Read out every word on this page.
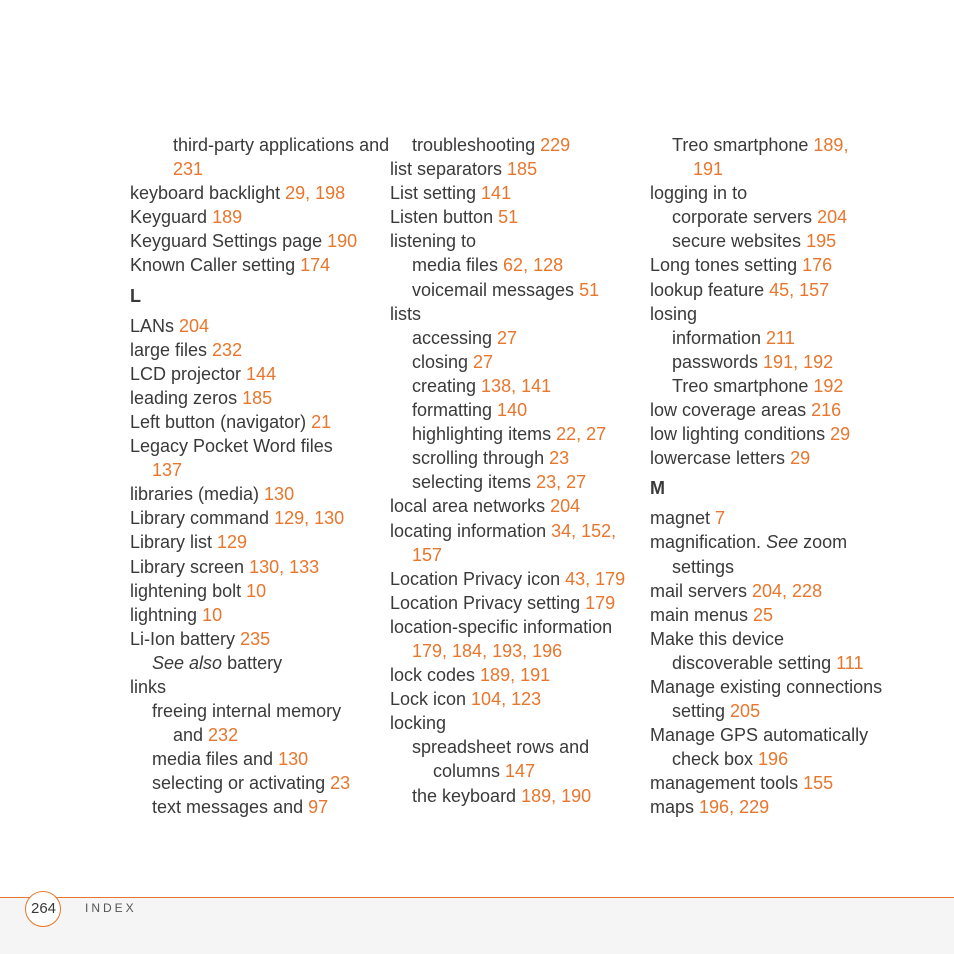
third-party applications and
231
keyboard backlight 29, 198
Keyguard 189
Keyguard Settings page 190
Known Caller setting 174
L
LANs 204
large files 232
LCD projector 144
leading zeros 185
Left button (navigator) 21
Legacy Pocket Word files
137
libraries (media) 130
Library command 129, 130
Library list 129
Library screen 130, 133
lightening bolt 10
lightning 10
Li-Ion battery 235
See also battery
links
freeing internal memory
and 232
media files and 130
selecting or activating 23
text messages and 97
troubleshooting 229
list separators 185
List setting 141
Listen button 51
listening to
media files 62, 128
voicemail messages 51
lists
accessing 27
closing 27
creating 138, 141
formatting 140
highlighting items 22, 27
scrolling through 23
selecting items 23, 27
local area networks 204
locating information 34, 152,
157
Location Privacy icon 43, 179
Location Privacy setting 179
location-specific information
179, 184, 193, 196
lock codes 189, 191
Lock icon 104, 123
locking
spreadsheet rows and
columns 147
the keyboard 189, 190
Treo smartphone 189,
191
logging in to
corporate servers 204
secure websites 195
Long tones setting 176
lookup feature 45, 157
losing
information 211
passwords 191, 192
Treo smartphone 192
low coverage areas 216
low lighting conditions 29
lowercase letters 29
M
magnet 7
magnification. See zoom
settings
mail servers 204, 228
main menus 25
Make this device
discoverable setting 111
Manage existing connections
setting 205
Manage GPS automatically
check box 196
management tools 155
maps 196, 229
264	INDEX
